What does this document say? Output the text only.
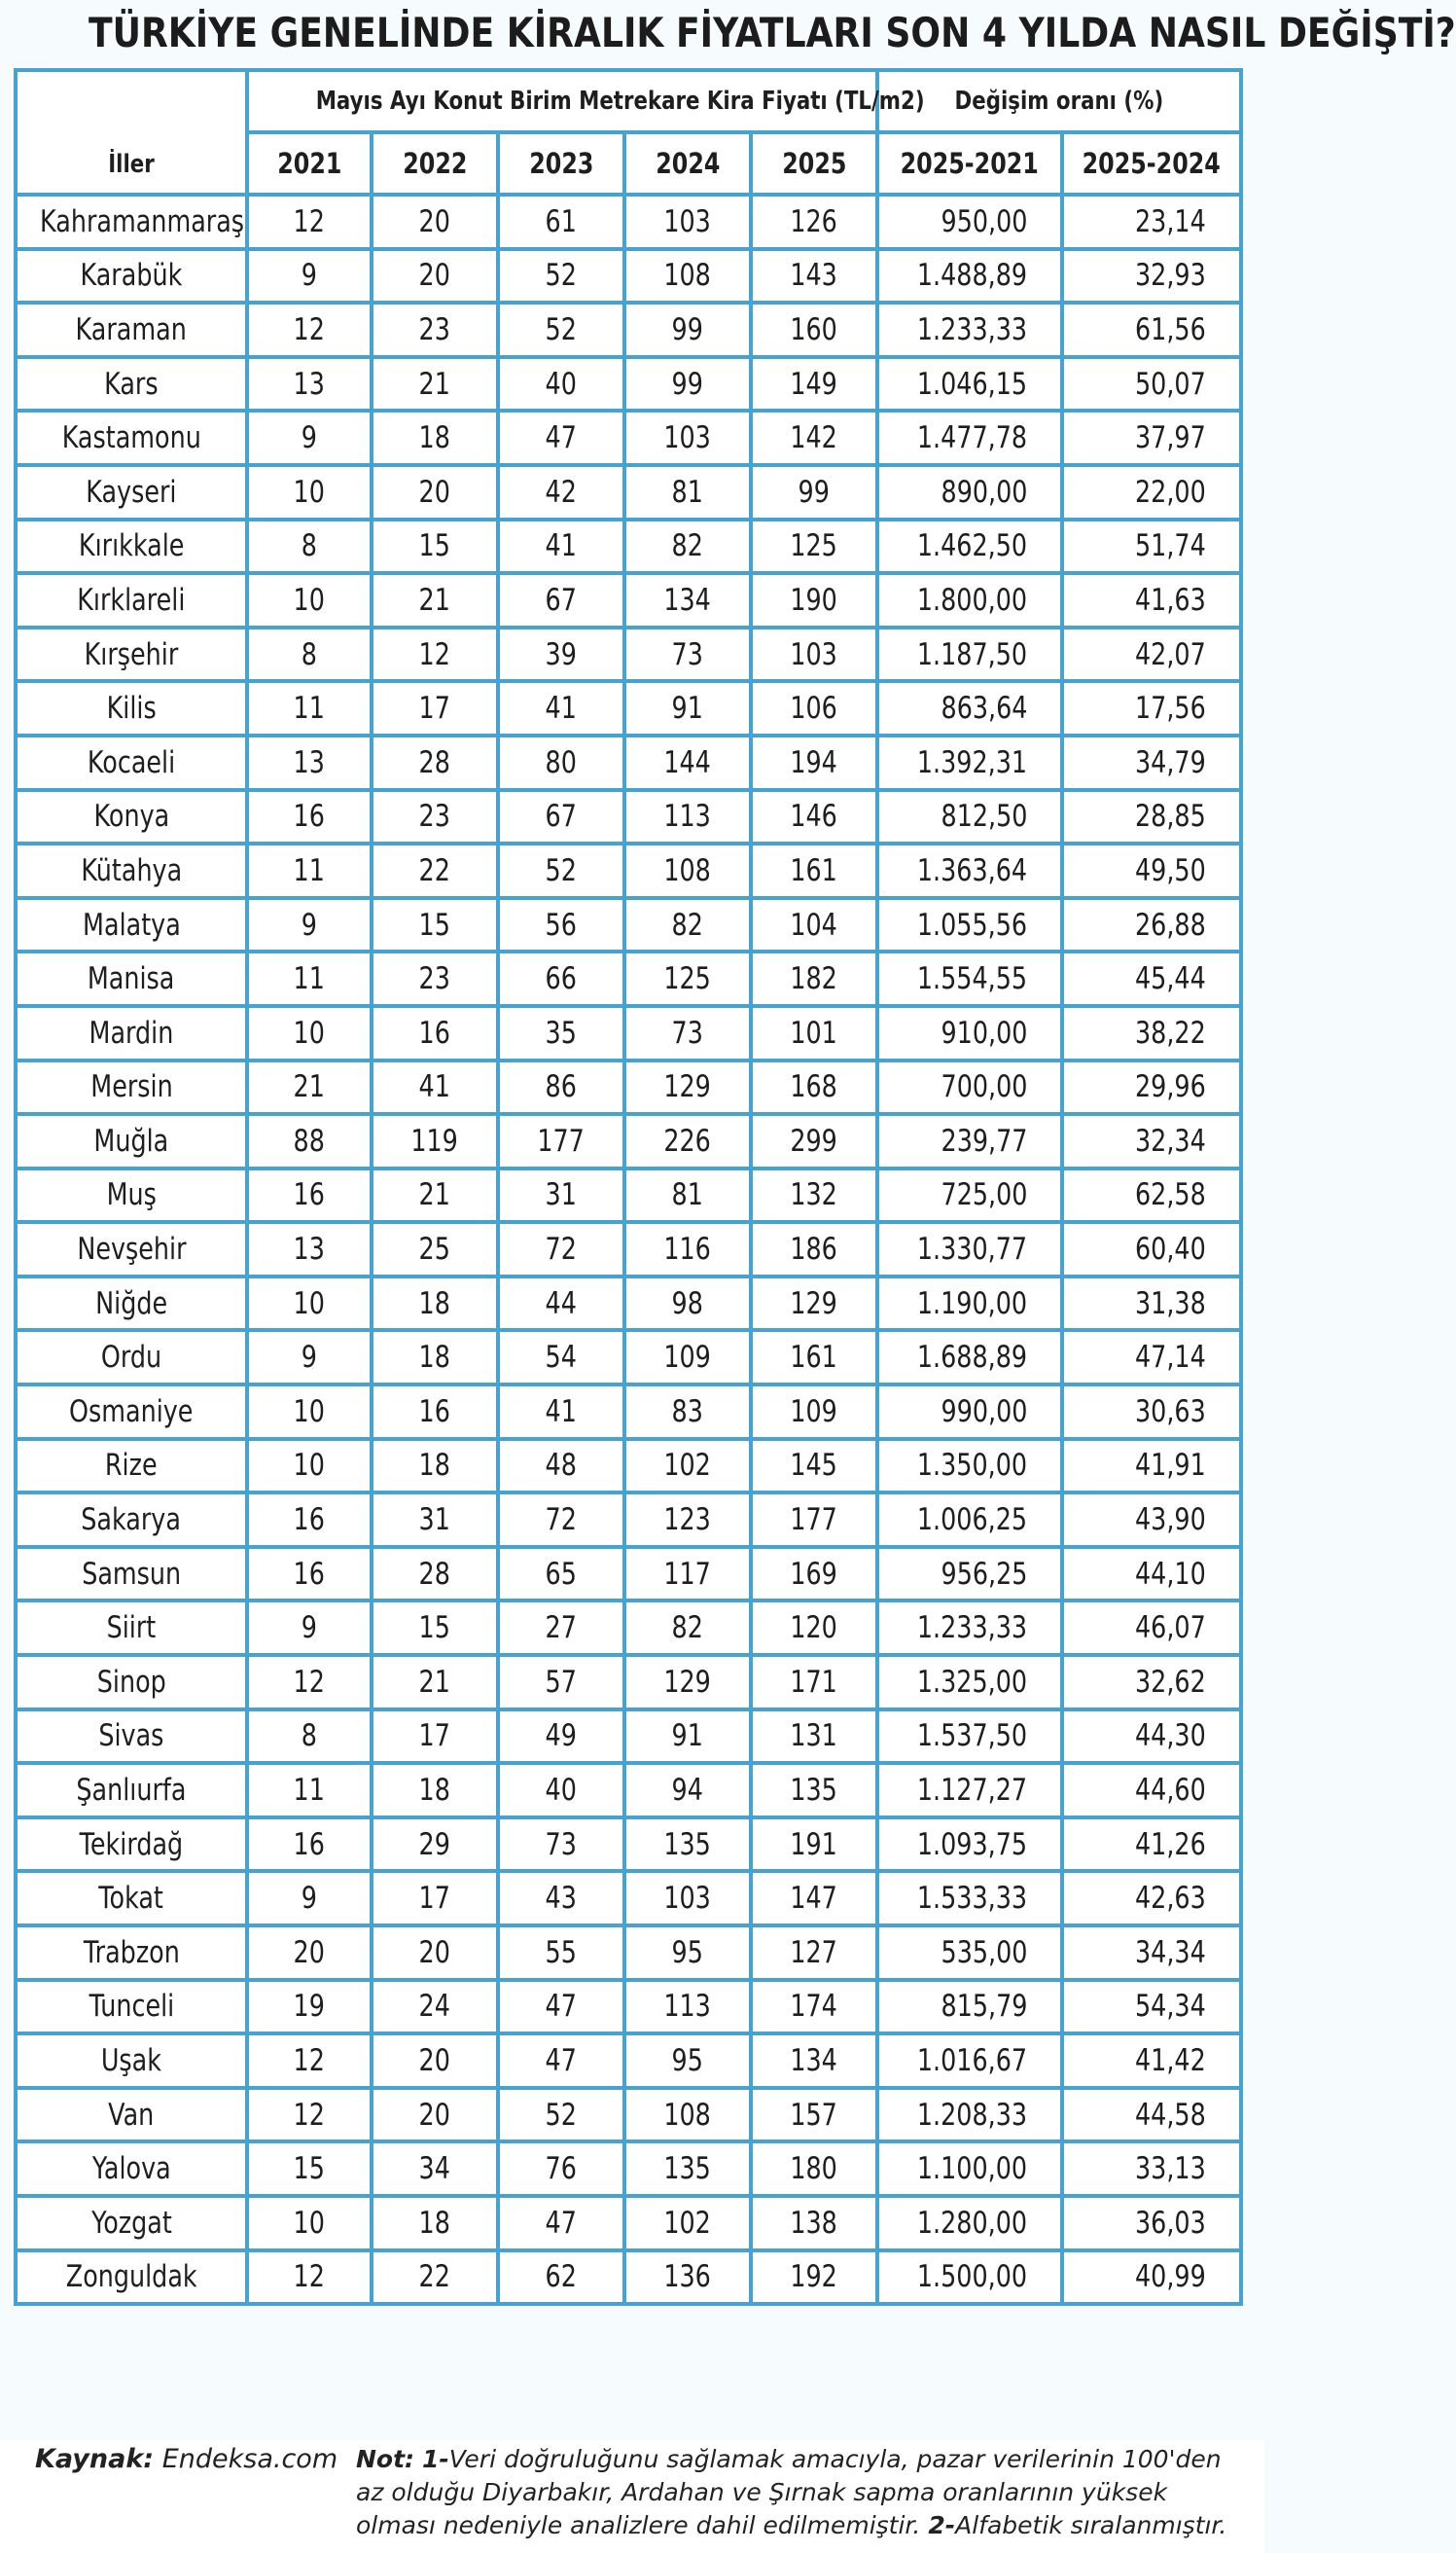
TÜRKİYE GENELİNDE KİRALIK FİYATLARI SON 4 YILDA NASIL DEĞİŞTİ?
İller	Mayıs Ayı Konut Birim Metrekare Kira Fiyatı (TL/m2)					Değişim oranı (%)	
	2021	2022	2023	2024	2025	2025-2021	2025-2024
Kahramanmaraş	12	20	61	103	126	950,00	23,14
Karabük	9	20	52	108	143	1.488,89	32,93
Karaman	12	23	52	99	160	1.233,33	61,56
Kars	13	21	40	99	149	1.046,15	50,07
Kastamonu	9	18	47	103	142	1.477,78	37,97
Kayseri	10	20	42	81	99	890,00	22,00
Kırıkkale	8	15	41	82	125	1.462,50	51,74
Kırklareli	10	21	67	134	190	1.800,00	41,63
Kırşehir	8	12	39	73	103	1.187,50	42,07
Kilis	11	17	41	91	106	863,64	17,56
Kocaeli	13	28	80	144	194	1.392,31	34,79
Konya	16	23	67	113	146	812,50	28,85
Kütahya	11	22	52	108	161	1.363,64	49,50
Malatya	9	15	56	82	104	1.055,56	26,88
Manisa	11	23	66	125	182	1.554,55	45,44
Mardin	10	16	35	73	101	910,00	38,22
Mersin	21	41	86	129	168	700,00	29,96
Muğla	88	119	177	226	299	239,77	32,34
Muş	16	21	31	81	132	725,00	62,58
Nevşehir	13	25	72	116	186	1.330,77	60,40
Niğde	10	18	44	98	129	1.190,00	31,38
Ordu	9	18	54	109	161	1.688,89	47,14
Osmaniye	10	16	41	83	109	990,00	30,63
Rize	10	18	48	102	145	1.350,00	41,91
Sakarya	16	31	72	123	177	1.006,25	43,90
Samsun	16	28	65	117	169	956,25	44,10
Siirt	9	15	27	82	120	1.233,33	46,07
Sinop	12	21	57	129	171	1.325,00	32,62
Sivas	8	17	49	91	131	1.537,50	44,30
Şanlıurfa	11	18	40	94	135	1.127,27	44,60
Tekirdağ	16	29	73	135	191	1.093,75	41,26
Tokat	9	17	43	103	147	1.533,33	42,63
Trabzon	20	20	55	95	127	535,00	34,34
Tunceli	19	24	47	113	174	815,79	54,34
Uşak	12	20	47	95	134	1.016,67	41,42
Van	12	20	52	108	157	1.208,33	44,58
Yalova	15	34	76	135	180	1.100,00	33,13
Yozgat	10	18	47	102	138	1.280,00	36,03
Zonguldak	12	22	62	136	192	1.500,00	40,99
Kaynak: Endeksa.com Not: 1-Veri doğruluğunu sağlamak amacıyla, pazar verilerinin 100'den az olduğu Diyarbakır, Ardahan ve Şırnak sapma oranlarının yüksek olması nedeniyle analizlere dahil edilmemiştir. 2-Alfabetik sıralanmıştır.
